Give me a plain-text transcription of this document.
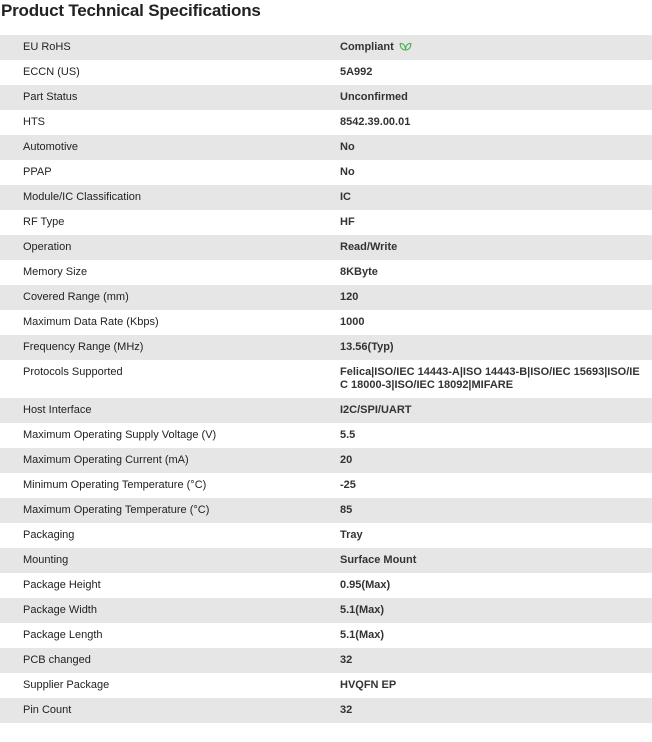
Product Technical Specifications
EU RoHS	Compliant
ECCN (US)	5A992
Part Status	Unconfirmed
HTS	8542.39.00.01
Automotive	No
PPAP	No
Module/IC Classification	IC
RF Type	HF
Operation	Read/Write
Memory Size	8KByte
Covered Range (mm)	120
Maximum Data Rate (Kbps)	1000
Frequency Range (MHz)	13.56(Typ)
Protocols Supported	Felica|ISO/IEC 14443-A|ISO 14443-B|ISO/IEC 15693|ISO/IEC 18000-3|ISO/IEC 18092|MIFARE
Host Interface	I2C/SPI/UART
Maximum Operating Supply Voltage (V)	5.5
Maximum Operating Current (mA)	20
Minimum Operating Temperature (°C)	-25
Maximum Operating Temperature (°C)	85
Packaging	Tray
Mounting	Surface Mount
Package Height	0.95(Max)
Package Width	5.1(Max)
Package Length	5.1(Max)
PCB changed	32
Supplier Package	HVQFN EP
Pin Count	32
